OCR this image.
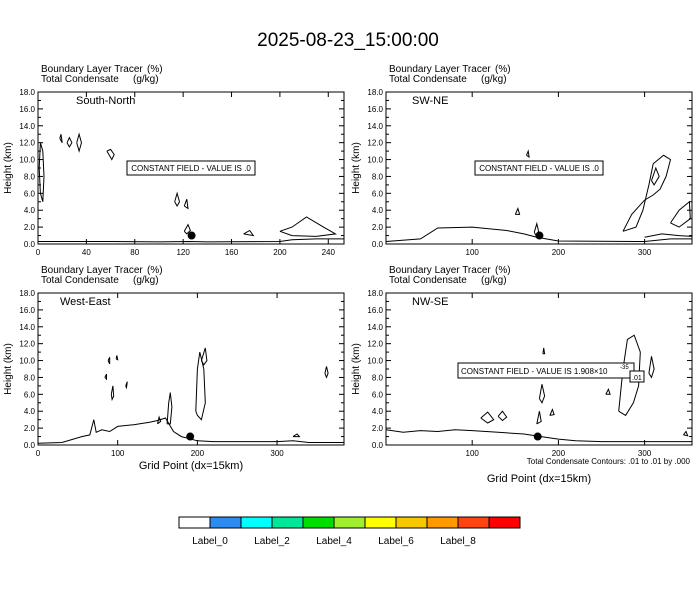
2025-08-23_15:00:00
Boundary Layer Tracer (%)
Total Condensate (g/kg)
0.0
2.0
4.0
6.0
8.0
10.0
12.0
14.0
16.0
18.0
0	40	80	120	160	200	240
Height (km)
South-North
CONSTANT FIELD - VALUE IS .0
Boundary Layer Tracer (%)
Total Condensate (g/kg)
0.0
2.0
4.0
6.0
8.0
10.0
12.0
14.0
16.0
18.0
100	200	300
Height (km)
SW-NE
CONSTANT FIELD - VALUE IS .0
Boundary Layer Tracer (%)
Total Condensate (g/kg)
0.0
2.0
4.0
6.0
8.0
10.0
12.0
14.0
16.0
18.0
0	100	200	300
Height (km)
West-East
Boundary Layer Tracer (%)
Total Condensate (g/kg)
0.0
2.0
4.0
6.0
8.0
10.0
12.0
14.0
16.0
18.0
100	200	300
Height (km)
NW-SE
CONSTANT FIELD - VALUE IS 1.908×10 -35
.01
Grid Point (dx=15km)
Grid Point (dx=15km)
Total Condensate Contours: .01 to .01 by .000
Label_0	Label_2	Label_4	Label_6	Label_8
